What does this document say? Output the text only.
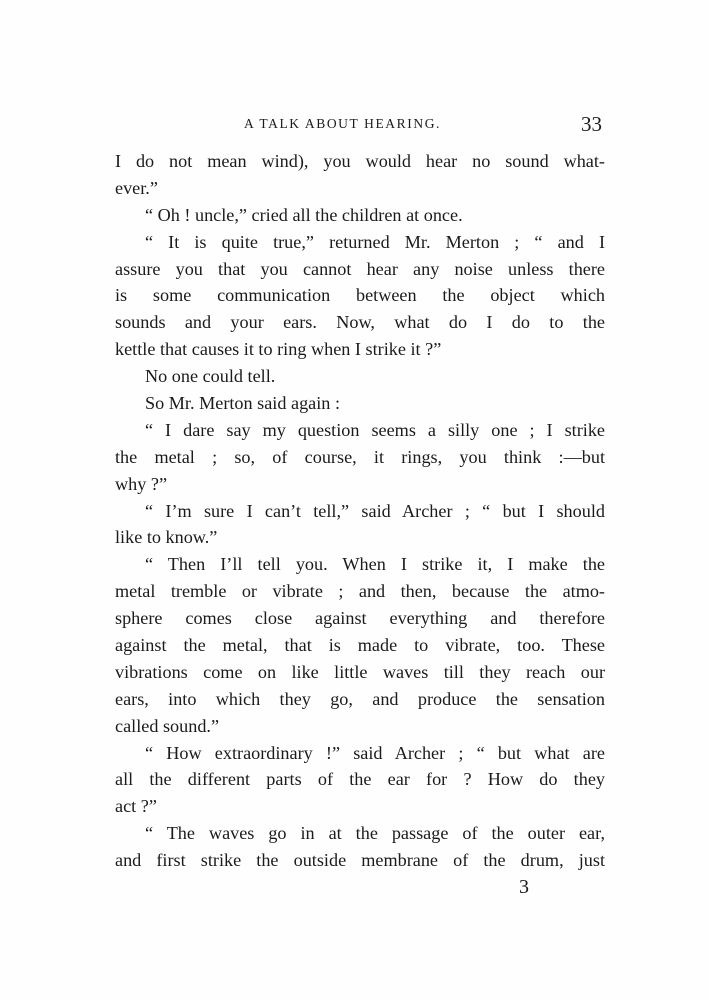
A TALK ABOUT HEARING.	33
I do not mean wind), you would hear no sound what-
ever.”
“ Oh ! uncle,” cried all the children at once.
“ It is quite true,” returned Mr. Merton ; “ and I
assure you that you cannot hear any noise unless there
is some communication between the object which
sounds and your ears. Now, what do I do to the
kettle that causes it to ring when I strike it ?”
No one could tell.
So Mr. Merton said again :
“ I dare say my question seems a silly one ; I strike
the metal ; so, of course, it rings, you think :—but
why ?”
“ I’m sure I can’t tell,” said Archer ; “ but I should
like to know.”
“ Then I’ll tell you. When I strike it, I make the
metal tremble or vibrate ; and then, because the atmo-
sphere comes close against everything and therefore
against the metal, that is made to vibrate, too. These
vibrations come on like little waves till they reach our
ears, into which they go, and produce the sensation
called sound.”
“ How extraordinary !” said Archer ; “ but what are
all the different parts of the ear for ? How do they
act ?”
“ The waves go in at the passage of the outer ear,
and first strike the outside membrane of the drum, just
3
